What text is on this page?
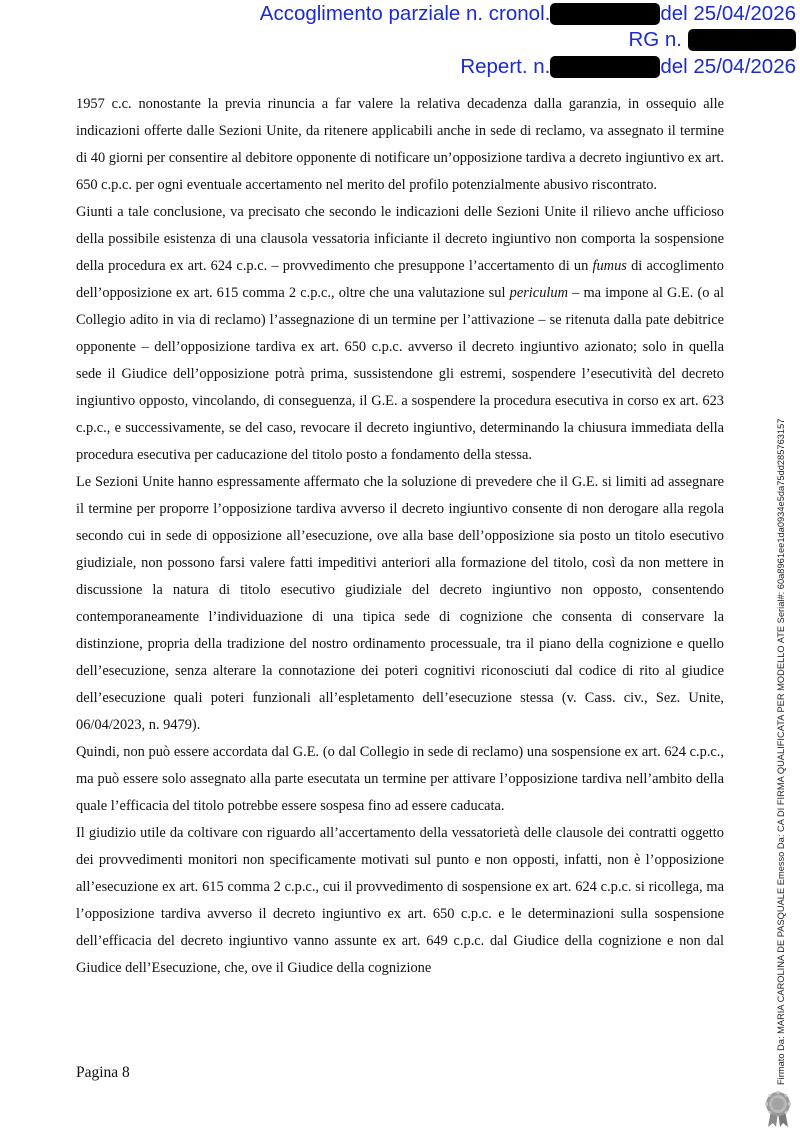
Accoglimento parziale n. cronol.	del 25/04/2026
RG n.
Repert. n.	del 25/04/2026

1957 c.c. nonostante la previa rinuncia a far valere la relativa decadenza dalla garanzia, in ossequio alle indicazioni offerte dalle Sezioni Unite, da ritenere applicabili anche in sede di reclamo, va assegnato il termine di 40 giorni per consentire al debitore opponente di notificare un’opposizione tardiva a decreto ingiuntivo ex art. 650 c.p.c. per ogni eventuale accertamento nel merito del profilo potenzialmente abusivo riscontrato.

Giunti a tale conclusione, va precisato che secondo le indicazioni delle Sezioni Unite il rilievo anche ufficioso della possibile esistenza di una clausola vessatoria inficiante il decreto ingiuntivo non comporta la sospensione della procedura ex art. 624 c.p.c. – provvedimento che presuppone l’accertamento di un fumus di accoglimento dell’opposizione ex art. 615 comma 2 c.p.c., oltre che una valutazione sul periculum – ma impone al G.E. (o al Collegio adito in via di reclamo) l’assegnazione di un termine per l’attivazione – se ritenuta dalla pate debitrice opponente – dell’opposizione tardiva ex art. 650 c.p.c. avverso il decreto ingiuntivo azionato; solo in quella sede il Giudice dell’opposizione potrà prima, sussistendone gli estremi, sospendere l’esecutività del decreto ingiuntivo opposto, vincolando, di conseguenza, il G.E. a sospendere la procedura esecutiva in corso ex art. 623 c.p.c., e successivamente, se del caso, revocare il decreto ingiuntivo, determinando la chiusura immediata della procedura esecutiva per caducazione del titolo posto a fondamento della stessa.

Le Sezioni Unite hanno espressamente affermato che la soluzione di prevedere che il G.E. si limiti ad assegnare il termine per proporre l’opposizione tardiva avverso il decreto ingiuntivo consente di non derogare alla regola secondo cui in sede di opposizione all’esecuzione, ove alla base dell’opposizione sia posto un titolo esecutivo giudiziale, non possono farsi valere fatti impeditivi anteriori alla formazione del titolo, così da non mettere in discussione la natura di titolo esecutivo giudiziale del decreto ingiuntivo non opposto, consentendo contemporaneamente l’individuazione di una tipica sede di cognizione che consenta di conservare la distinzione, propria della tradizione del nostro ordinamento processuale, tra il piano della cognizione e quello dell’esecuzione, senza alterare la connotazione dei poteri cognitivi riconosciuti dal codice di rito al giudice dell’esecuzione quali poteri funzionali all’espletamento dell’esecuzione stessa (v. Cass. civ., Sez. Unite, 06/04/2023, n. 9479).

Quindi, non può essere accordata dal G.E. (o dal Collegio in sede di reclamo) una sospensione ex art. 624 c.p.c., ma può essere solo assegnato alla parte esecutata un termine per attivare l’opposizione tardiva nell’ambito della quale l’efficacia del titolo potrebbe essere sospesa fino ad essere caducata.

Il giudizio utile da coltivare con riguardo all’accertamento della vessatorietà delle clausole dei contratti oggetto dei provvedimenti monitori non specificamente motivati sul punto e non opposti, infatti, non è l’opposizione all’esecuzione ex art. 615 comma 2 c.p.c., cui il provvedimento di sospensione ex art. 624 c.p.c. si ricollega, ma l’opposizione tardiva avverso il decreto ingiuntivo ex art. 650 c.p.c. e le determinazioni sulla sospensione dell’efficacia del decreto ingiuntivo vanno assunte ex art. 649 c.p.c. dal Giudice della cognizione e non dal Giudice dell’Esecuzione, che, ove il Giudice della cognizione

Pagina 8	Firmato Da: MARIA CAROLINA DE PASQUALE Emesso Da: CA DI FIRMA QUALIFICATA PER MODELLO ATE Serial#: 60a8961ee1da0934e5da75dd285763157
